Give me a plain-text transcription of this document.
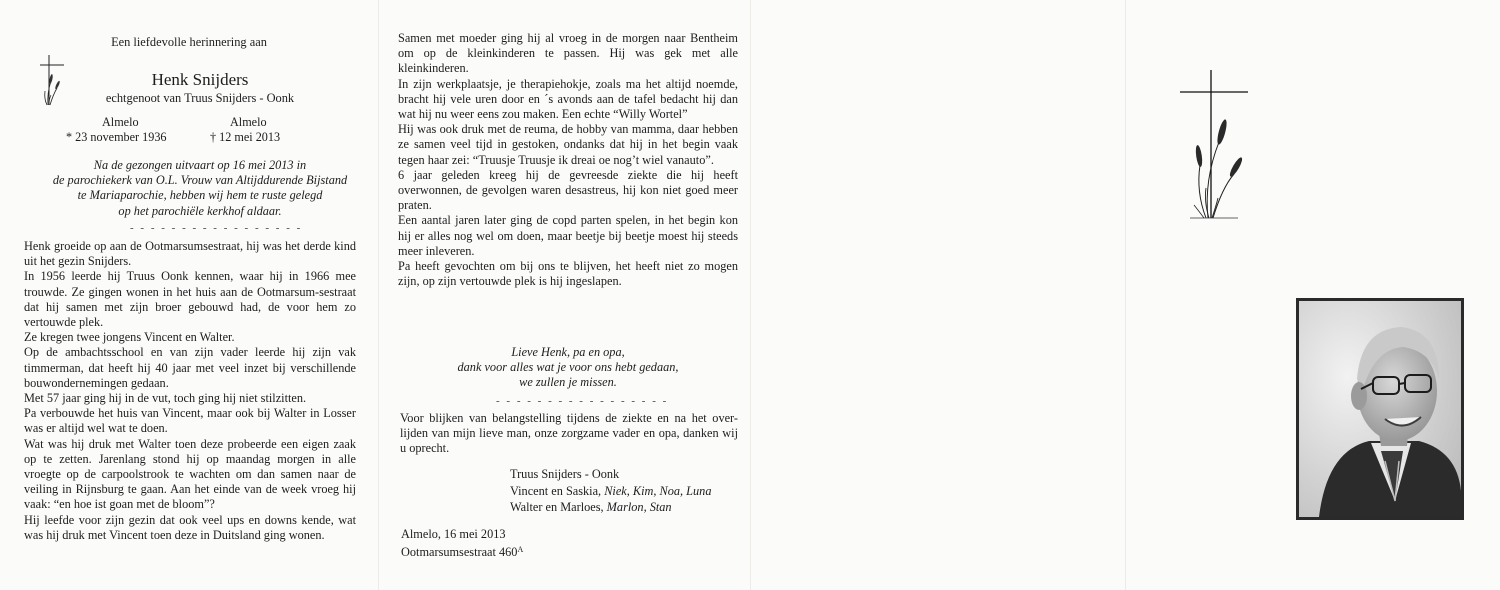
Een liefdevolle herinnering aan
Henk Snijders
echtgenoot van Truus Snijders - Oonk
Almelo	Almelo
* 23 november 1936	† 12 mei 2013
Na de gezongen uitvaart op 16 mei 2013 in
de parochiekerk van O.L. Vrouw van Altijddurende Bijstand
te Mariaparochie, hebben wij hem te ruste gelegd
op het parochiële kerkhof aldaar.
- - - - - - - - - - - - - - - - -
Henk groeide op aan de Ootmarsumsestraat, hij was het derde kind uit het gezin Snijders.
In 1956 leerde hij Truus Oonk kennen, waar hij in 1966 mee trouwde. Ze gingen wonen in het huis aan de Ootmarsum-sestraat dat hij samen met zijn broer gebouwd had, de voor hem zo vertouwde plek.
Ze kregen twee jongens Vincent en Walter.
Op de ambachtsschool en van zijn vader leerde hij zijn vak timmerman, dat heeft hij 40 jaar met veel inzet bij verschillende bouwondernemingen gedaan.
Met 57 jaar ging hij in de vut, toch ging hij niet stilzitten.
Pa verbouwde het huis van Vincent, maar ook bij Walter in Losser was er altijd wel wat te doen.
Wat was hij druk met Walter toen deze probeerde een eigen zaak op te zetten. Jarenlang stond hij op maandag morgen in alle vroegte op de carpoolstrook te wachten om dan samen naar de veiling in Rijnsburg te gaan. Aan het einde van de week vroeg hij vaak: “en hoe ist goan met de bloom”?
Hij leefde voor zijn gezin dat ook veel ups en downs kende, wat was hij druk met Vincent toen deze in Duitsland ging wonen.
Samen met moeder ging hij al vroeg in de morgen naar Bentheim om op de kleinkinderen te passen. Hij was gek met alle kleinkinderen.
In zijn werkplaatsje, je therapiehokje, zoals ma het altijd noemde, bracht hij vele uren door en ´s avonds aan de tafel bedacht hij dan wat hij nu weer eens zou maken. Een echte “Willy Wortel”
Hij was ook druk met de reuma, de hobby van mamma, daar hebben ze samen veel tijd in gestoken, ondanks dat hij in het begin vaak tegen haar zei: “Truusje Truusje ik dreai oe nog’t wiel vanauto”.
6 jaar geleden kreeg hij de gevreesde ziekte die hij heeft overwonnen, de gevolgen waren desastreus, hij kon niet goed meer praten.
Een aantal jaren later ging de copd parten spelen, in het begin kon hij er alles nog wel om doen, maar beetje bij beetje moest hij steeds meer inleveren.
Pa heeft gevochten om bij ons te blijven, het heeft niet zo mogen zijn, op zijn vertouwde plek is hij ingeslapen.
Lieve Henk, pa en opa,
dank voor alles wat je voor ons hebt gedaan,
we zullen je missen.
- - - - - - - - - - - - - - - - -
Voor blijken van belangstelling tijdens de ziekte en na het over-lijden van mijn lieve man, onze zorgzame vader en opa, danken wij u oprecht.
Truus Snijders - Oonk
Vincent en Saskia, Niek, Kim, Noa, Luna
Walter en Marloes, Marlon, Stan
Almelo, 16 mei 2013
Ootmarsumsestraat $460^A$
